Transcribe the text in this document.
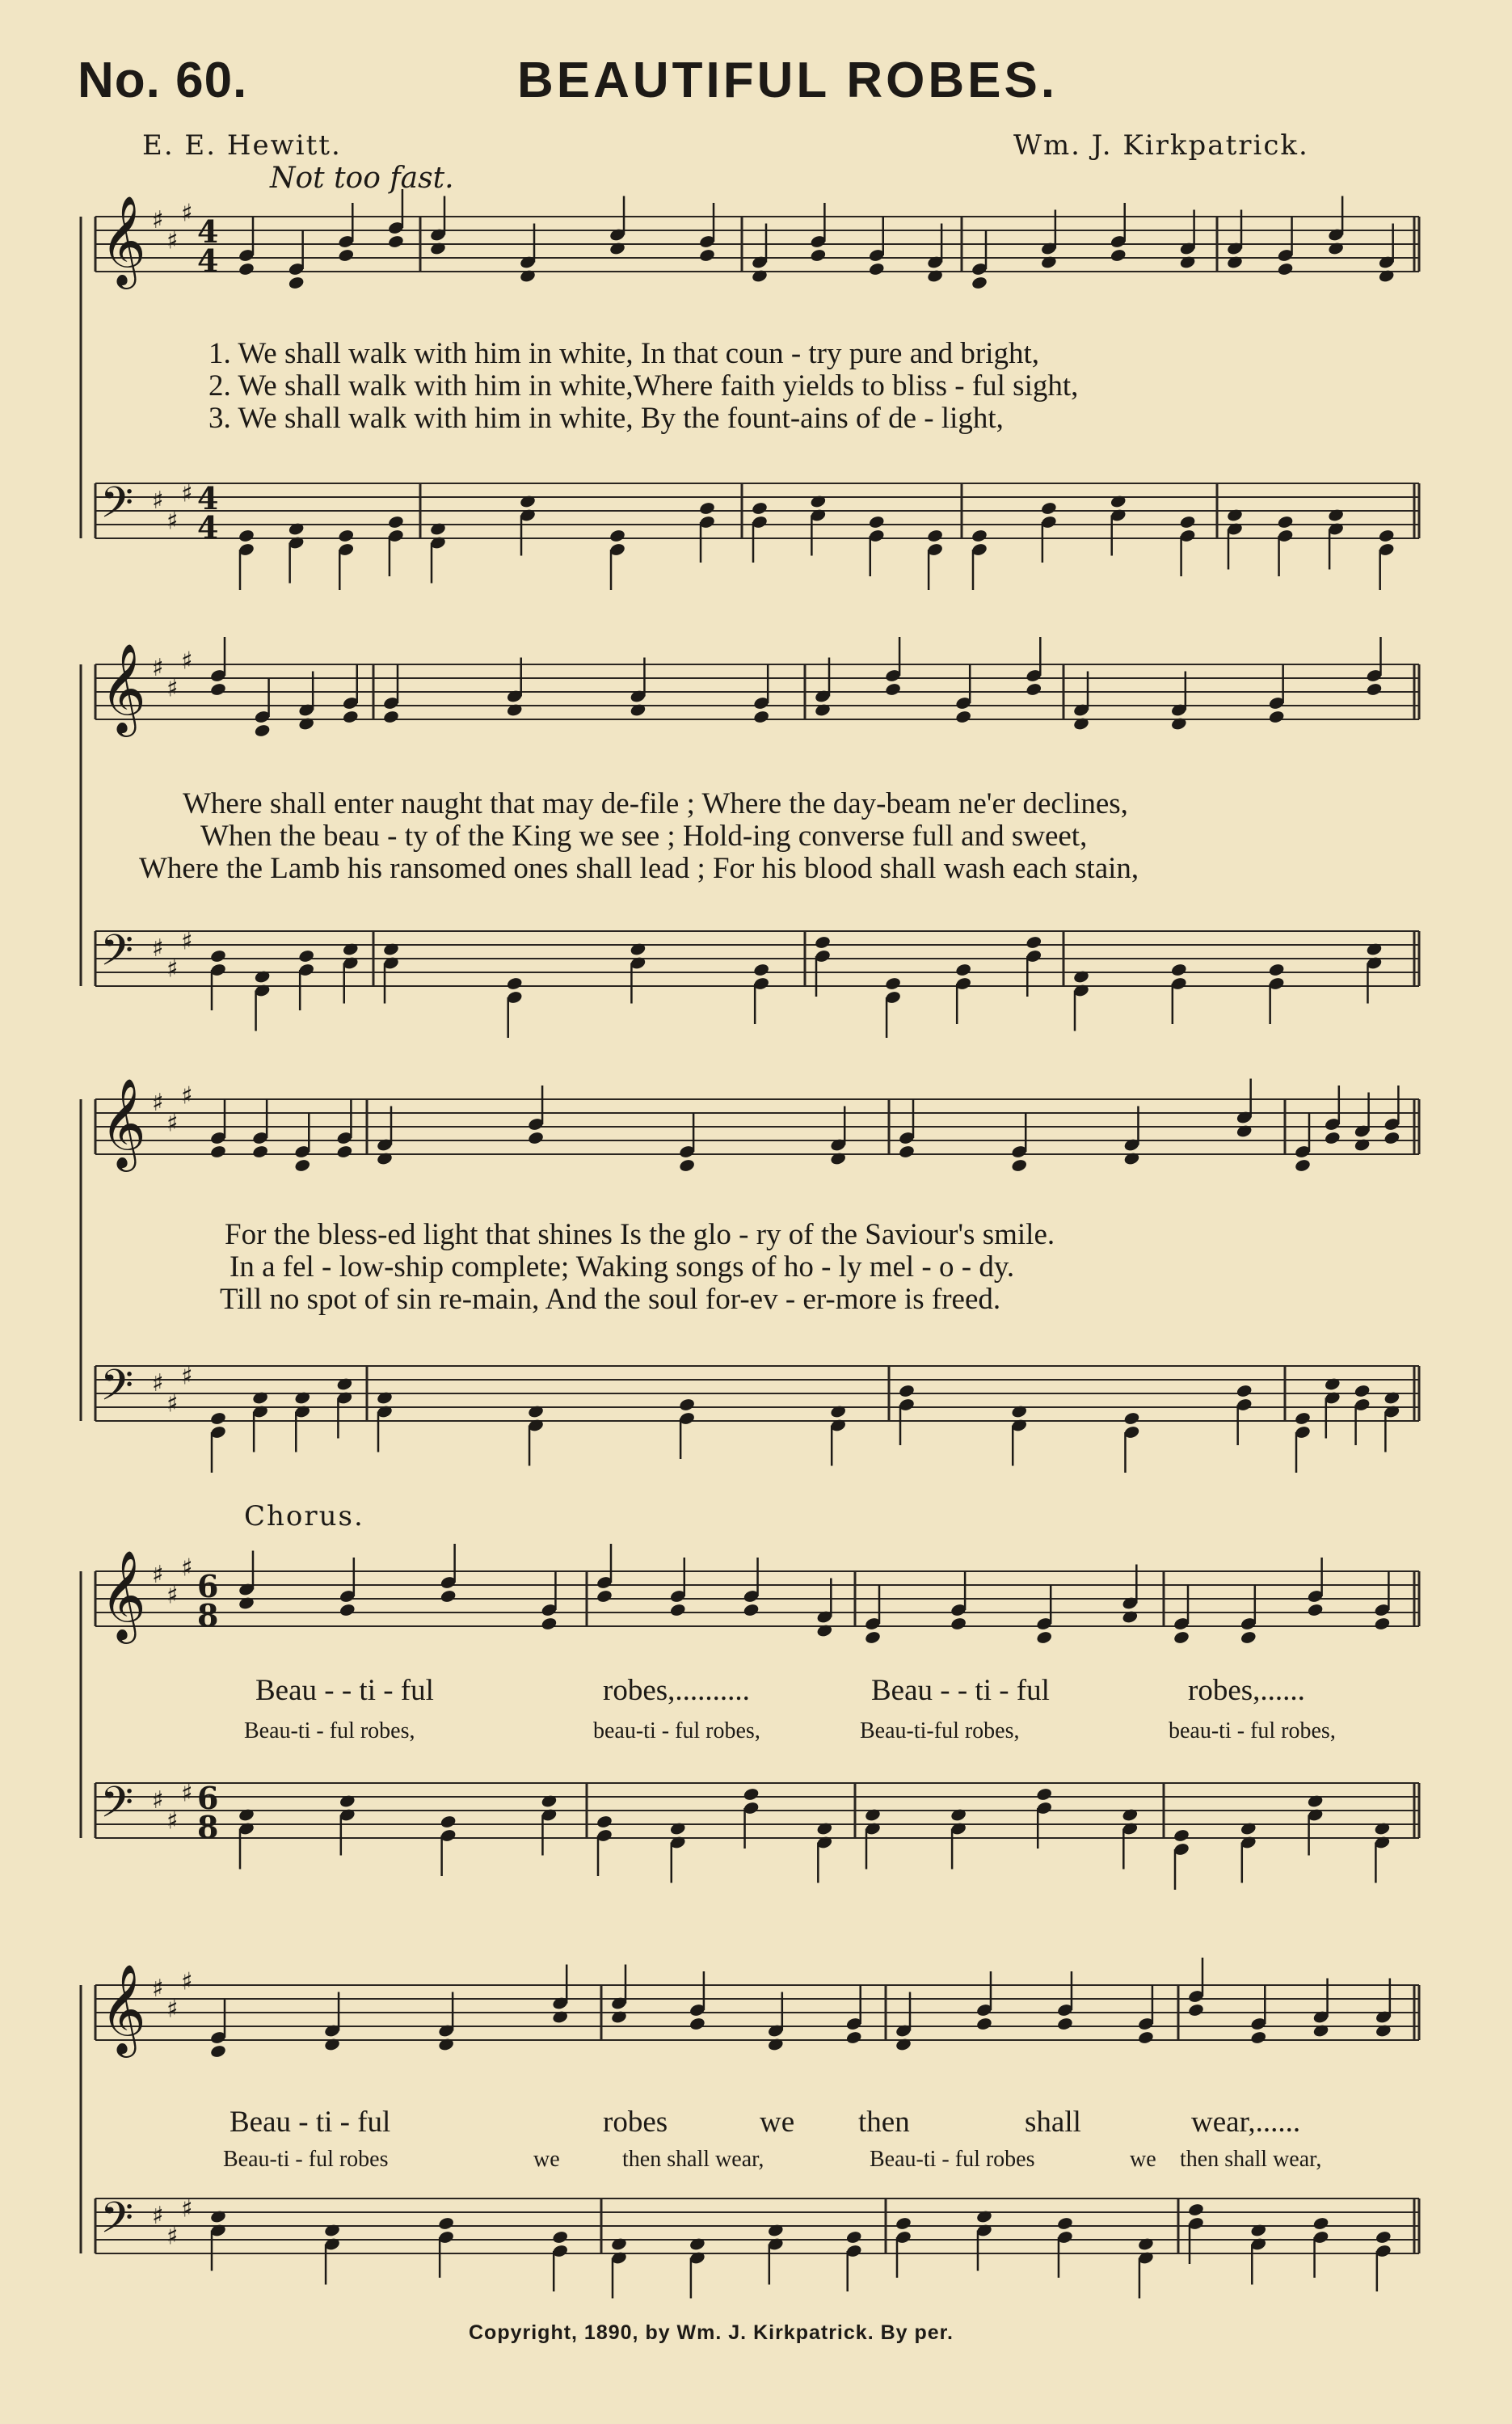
𝄞 ♯
♯
♯ 4
4
𝄢 ♯
♯
♯ 4
4
𝄞 ♯
♯
♯
𝄢 ♯
♯
♯
𝄞 ♯
♯
♯
𝄢 ♯
♯
♯
𝄞 ♯
♯
♯ 6
8
𝄢 ♯
♯
♯ 6
8
𝄞 ♯
♯
♯
𝄢 ♯
♯
♯
No. 60.	BEAUTIFUL ROBES.
E. E. Hewitt.	Wm. J. Kirkpatrick.
Not too fast.
1. We shall walk with him in white, In that coun - try pure and bright,
2. We shall walk with him in white,Where faith yields to bliss - ful sight,
3. We shall walk with him in white, By the fount-ains of de - light,
Where shall enter naught that may de-file ; Where the day-beam ne'er declines,
When the beau - ty of the King we see ; Hold-ing converse full and sweet,
Where the Lamb his ransomed ones shall lead ; For his blood shall wash each stain,
For the bless-ed light that shines Is the glo - ry of the Saviour's smile.
In a fel - low-ship complete; Waking songs of ho - ly mel - o - dy.
Till no spot of sin re-main, And the soul for-ev - er-more is freed.
Chorus.
Beau - - ti - ful	robes,..........	Beau - - ti - ful	robes,......
Beau-ti - ful robes,	beau-ti - ful robes,	Beau-ti-ful robes,	beau-ti - ful robes,
Beau - ti - ful	robes	we then	shall	wear,......
Beau-ti - ful robes	we	then shall wear,	Beau-ti - ful robes	we then shall wear,
Copyright, 1890, by Wm. J. Kirkpatrick. By per.
